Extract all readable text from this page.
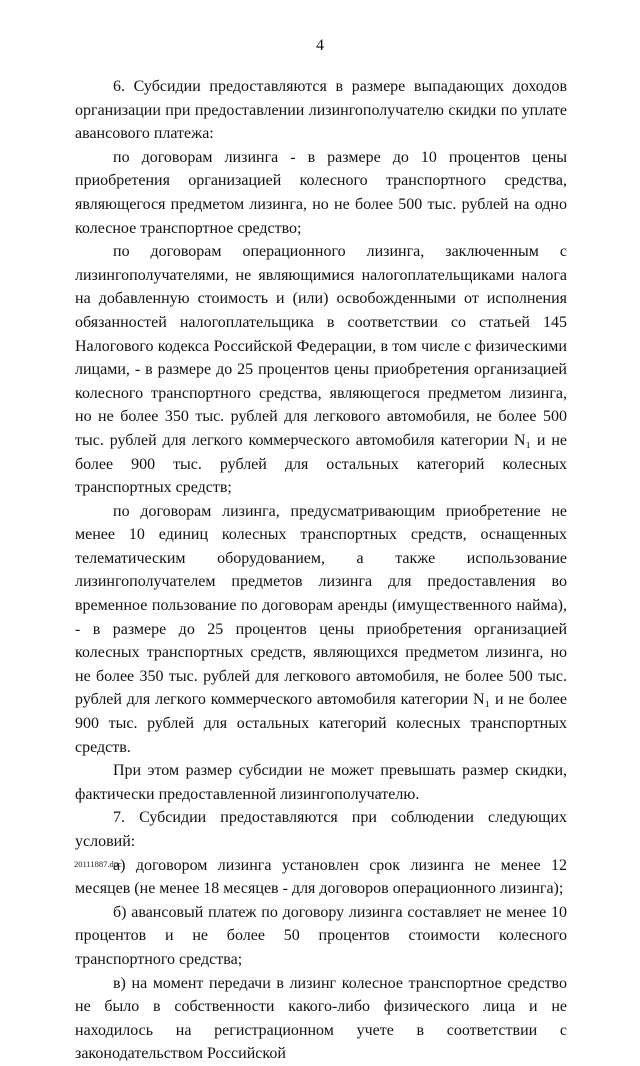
4

6. Субсидии предоставляются в размере выпадающих доходов организации при предоставлении лизингополучателю скидки по уплате авансового платежа:

по договорам лизинга - в размере до 10 процентов цены приобретения организацией колесного транспортного средства, являющегося предметом лизинга, но не более 500 тыс. рублей на одно колесное транспортное средство;

по договорам операционного лизинга, заключенным с лизингополучателями, не являющимися налогоплательщиками налога на добавленную стоимость и (или) освобожденными от исполнения обязанностей налогоплательщика в соответствии со статьей 145 Налогового кодекса Российской Федерации, в том числе с физическими лицами, - в размере до 25 процентов цены приобретения организацией колесного транспортного средства, являющегося предметом лизинга, но не более 350 тыс. рублей для легкового автомобиля, не более 500 тыс. рублей для легкого коммерческого автомобиля категории N₁ и не более 900 тыс. рублей для остальных категорий колесных транспортных средств;

по договорам лизинга, предусматривающим приобретение не менее 10 единиц колесных транспортных средств, оснащенных телематическим оборудованием, а также использование лизингополучателем предметов лизинга для предоставления во временное пользование по договорам аренды (имущественного найма), - в размере до 25 процентов цены приобретения организацией колесных транспортных средств, являющихся предметом лизинга, но не более 350 тыс. рублей для легкового автомобиля, не более 500 тыс. рублей для легкого коммерческого автомобиля категории N₁ и не более 900 тыс. рублей для остальных категорий колесных транспортных средств.

При этом размер субсидии не может превышать размер скидки, фактически предоставленной лизингополучателю.

7. Субсидии предоставляются при соблюдении следующих условий:

а) договором лизинга установлен срок лизинга не менее 12 месяцев (не менее 18 месяцев - для договоров операционного лизинга);

б) авансовый платеж по договору лизинга составляет не менее 10 процентов и не более 50 процентов стоимости колесного транспортного средства;

в) на момент передачи в лизинг колесное транспортное средство не было в собственности какого-либо физического лица и не находилось на регистрационном учете в соответствии с законодательством Российской

20111887.doc
